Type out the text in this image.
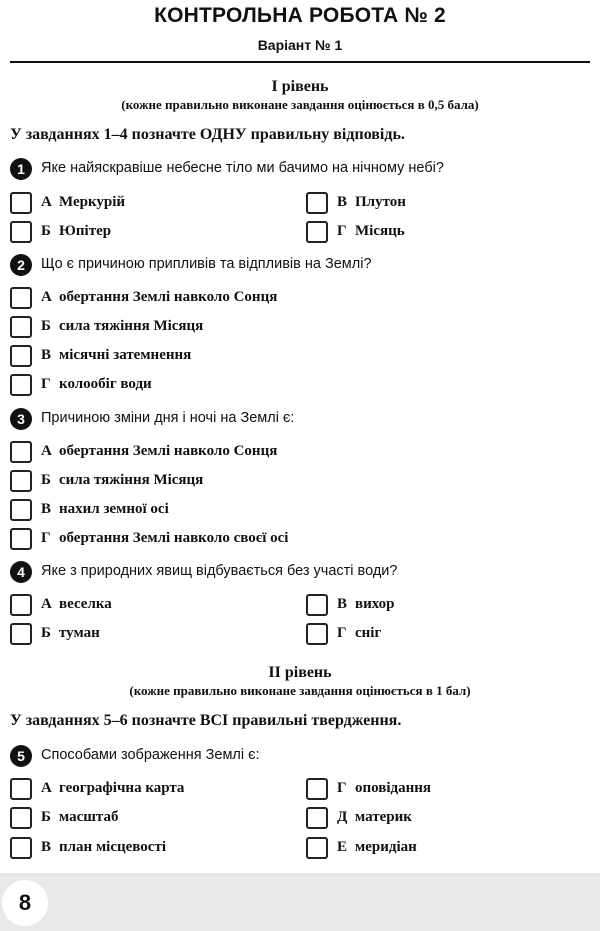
КОНТРОЛЬНА РОБОТА № 2
Варіант № 1
І рівень
(кожне правильно виконане завдання оцінюється в 0,5 бала)
У завданнях 1–4 позначте ОДНУ правильну відповідь.
1	Яке найяскравіше небесне тіло ми бачимо на нічному небі?
А Меркурій
Б Юпітер
В Плутон
Г Місяць
2	Що є причиною припливів та відпливів на Землі?
А обертання Землі навколо Сонця
Б сила тяжіння Місяця
В місячні затемнення
Г колообіг води
3	Причиною зміни дня і ночі на Землі є:
А обертання Землі навколо Сонця
Б сила тяжіння Місяця
В нахил земної осі
Г обертання Землі навколо своєї осі
4	Яке з природних явищ відбувається без участі води?
А веселка
Б туман
В вихор
Г сніг
ІІ рівень
(кожне правильно виконане завдання оцінюється в 1 бал)
У завданнях 5–6 позначте ВСІ правильні твердження.
5	Способами зображення Землі є:
А географічна карта
Б масштаб
В план місцевості
Г оповідання
Д материк
Е меридіан
8
